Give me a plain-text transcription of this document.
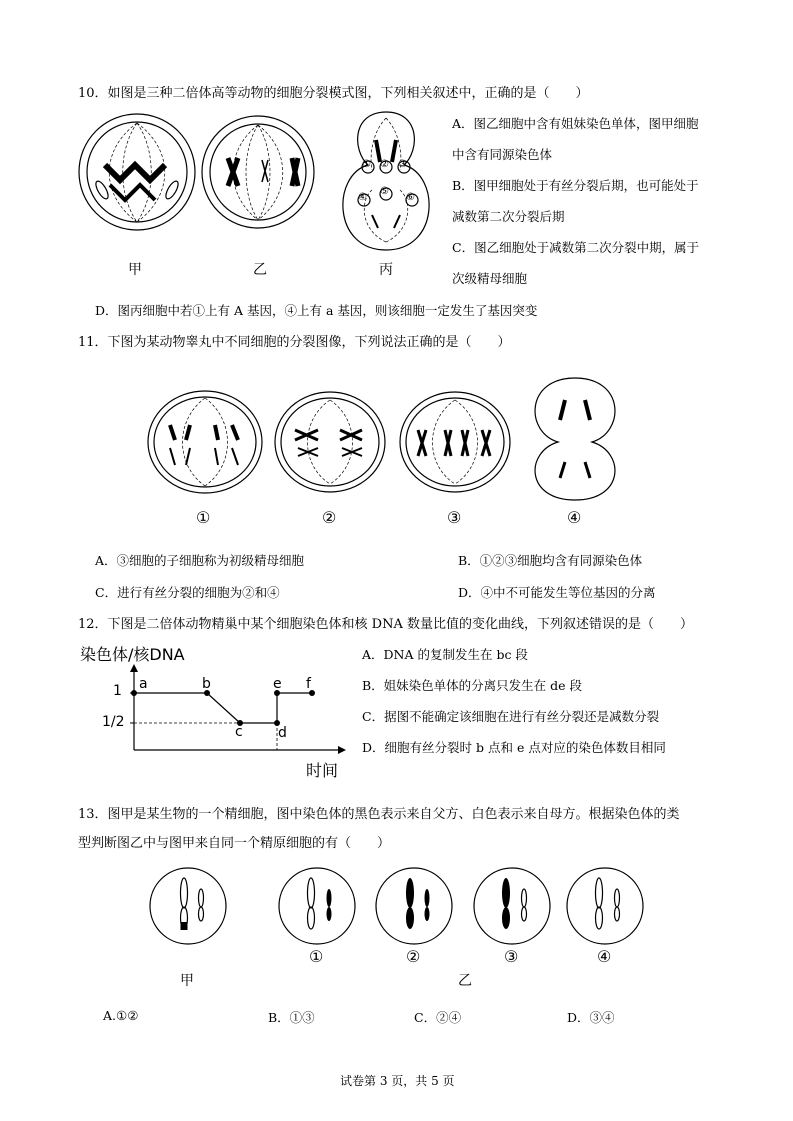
10．如图是三种二倍体高等动物的细胞分裂模式图，下列相关叙述中，正确的是（　　）
① ② ③
④
⑤
⑥
甲	乙	丙
A．图乙细胞中含有姐妹染色单体，图甲细胞
中含有同源染色体
B．图甲细胞处于有丝分裂后期，也可能处于
减数第二次分裂后期
C．图乙细胞处于减数第二次分裂中期，属于
次级精母细胞
D．图丙细胞中若①上有 A 基因，④上有 a 基因，则该细胞一定发生了基因突变
11．下图为某动物睾丸中不同细胞的分裂图像，下列说法正确的是（　　）
①	②	③	④
A．③细胞的子细胞称为初级精母细胞	B．①②③细胞均含有同源染色体
C．进行有丝分裂的细胞为②和④	D．④中不可能发生等位基因的分离
12．下图是二倍体动物精巢中某个细胞染色体和核 DNA 数量比值的变化曲线，下列叙述错误的是（　　）
染色体/核DNA
1
1/2
时间
a	b
c	d
e f
A．DNA 的复制发生在 bc 段
B．姐妹染色单体的分离只发生在 de 段
C．据图不能确定该细胞在进行有丝分裂还是减数分裂
D．细胞有丝分裂时 b 点和 e 点对应的染色体数目相同
13．图甲是某生物的一个精细胞，图中染色体的黑色表示来自父方、白色表示来自母方。根据染色体的类
型判断图乙中与图甲来自同一个精原细胞的有（　　）
①	②	③	④
甲	乙
A.①②	B．①③	C．②④	D．③④
试卷第 3 页，共 5 页
